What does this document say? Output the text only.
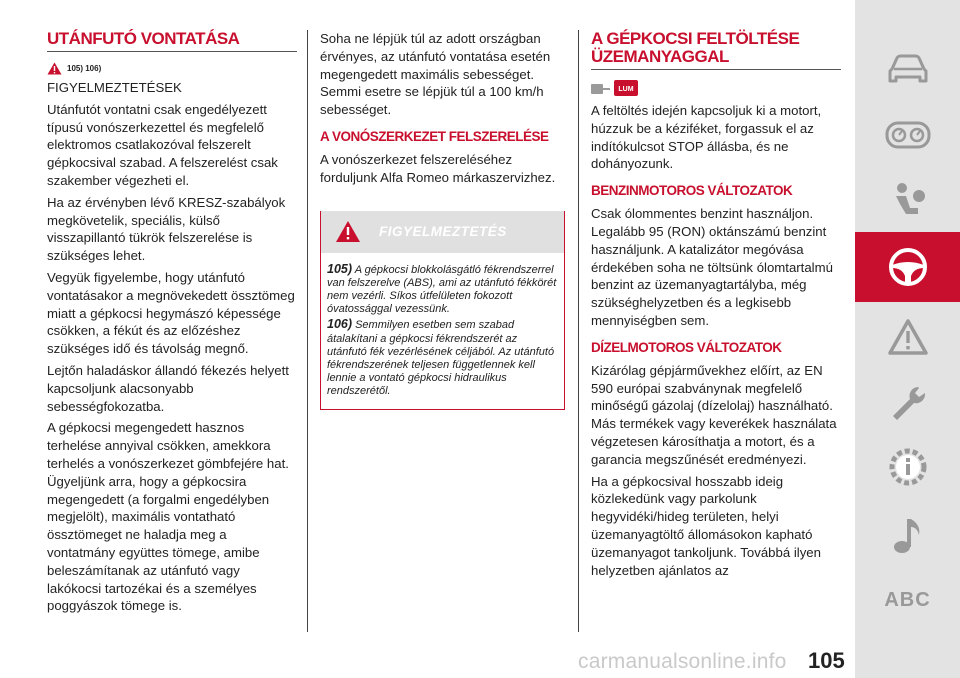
UTÁNFUTÓ VONTATÁSA
105) 106)

FIGYELMEZTETÉSEK

Utánfutót vontatni csak engedélyezett típusú vonószerkezettel és megfelelő elektromos csatlakozóval felszerelt gépkocsival szabad. A felszerelést csak szakember végezheti el.

Ha az érvényben lévő KRESZ-szabályok megkövetelik, speciális, külső visszapillantó tükrök felszerelése is szükséges lehet.

Vegyük figyelembe, hogy utánfutó vontatásakor a megnövekedett össztömeg miatt a gépkocsi hegymászó képessége csökken, a fékút és az előzéshez szükséges idő és távolság megnő.

Lejtőn haladáskor állandó fékezés helyett kapcsoljunk alacsonyabb sebességfokozatba.

A gépkocsi megengedett hasznos terhelése annyival csökken, amekkora terhelés a vonószerkezet gömbfejére hat. Ügyeljünk arra, hogy a gépkocsira megengedett (a forgalmi engedélyben megjelölt), maximális vontatható össztömeget ne haladja meg a vontatmány együttes tömege, amibe beleszámítanak az utánfutó vagy lakókocsi tartozékai és a személyes poggyászok tömege is.

Soha ne lépjük túl az adott országban érvényes, az utánfutó vontatása esetén megengedett maximális sebességet. Semmi esetre se lépjük túl a 100 km/h sebességet.

A VONÓSZERKEZET FELSZERELÉSE

A vonószerkezet felszereléséhez forduljunk Alfa Romeo márkaszervizhez.

FIGYELMEZTETÉS

105) A gépkocsi blokkolásgátló fékrendszerrel van felszerelve (ABS), ami az utánfutó fékkörét nem vezérli. Síkos útfelületen fokozott óvatossággal vezessünk.

106) Semmilyen esetben sem szabad átalakítani a gépkocsi fékrendszerét az utánfutó fék vezérlésének céljából. Az utánfutó fékrendszerének teljesen függetlennek kell lennie a vontató gépkocsi hidraulikus rendszerétől.

A GÉPKOCSI FELTÖLTÉSE
ÜZEMANYAGGAL
LUM

A feltöltés idején kapcsoljuk ki a motort, húzzuk be a kéziféket, forgassuk el az indítókulcsot STOP állásba, és ne dohányozunk.

BENZINMOTOROS VÁLTOZATOK

Csak ólommentes benzint használjon. Legalább 95 (RON) oktánszámú benzint használjunk. A katalizátor megóvása érdekében soha ne töltsünk ólomtartalmú benzint az üzemanyagtartályba, még szükséghelyzetben és a legkisebb mennyiségben sem.

DÍZELMOTOROS VÁLTOZATOK

Kizárólag gépjárművekhez előírt, az EN 590 európai szabványnak megfelelő minőségű gázolaj (dízelolaj) használható. Más termékek vagy keverékek használata végzetesen károsíthatja a motort, és a garancia megszűnését eredményezi.

Ha a gépkocsival hosszabb ideig közlekedünk vagy parkolunk hegyvidéki/hideg területen, helyi üzemanyagtöltő állomásokon kapható üzemanyagot tankoljunk. Továbbá ilyen helyzetben ajánlatos az

ABC
carmanualsonline.info 105
